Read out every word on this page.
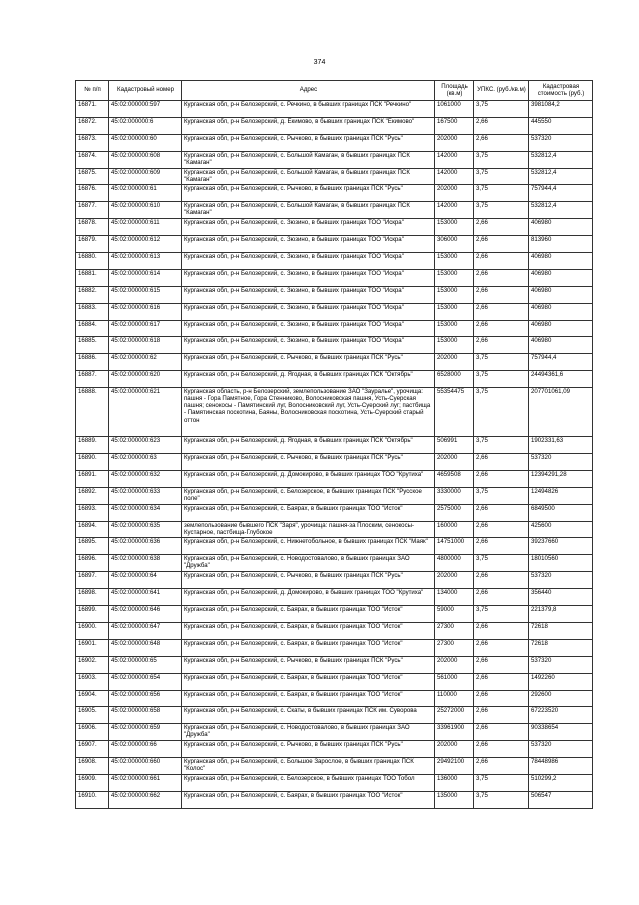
374
№ п/п	Кадастровый номер	Адрес	Площадь (кв.м)	УПКС. (руб./кв.м)	Кадастровая стоимость (руб.)
16871.	45:02:000000:597	Курганская обл, р-н Белозерский, с. Речкино, в бывших границах ПСК "Речкино"	1061000	3,75	3981084,2
16872.	45:02:000000:6	Курганская обл, р-н Белозерский, д. Екимово, в бывших границах ПСК "Екимово"	167500	2,66	445550
16873.	45:02:000000:60	Курганская обл, р-н Белозерский, с. Рычково, в бывших границах ПСК "Русь"	202000	2,66	537320
16874.	45:02:000000:608	Курганская обл, р-н Белозерский, с. Большой Камаган, в бывших границах ПСК "Камаган"	142000	3,75	532812,4
16875.	45:02:000000:609	Курганская обл, р-н Белозерский, с. Большой Камаган, в бывших границах ПСК "Камаган"	142000	3,75	532812,4
16876.	45:02:000000:61	Курганская обл, р-н Белозерский, с. Рычково, в бывших границах ПСК "Русь"	202000	3,75	757944,4
16877.	45:02:000000:610	Курганская обл, р-н Белозерский, с. Большой Камаган, в бывших границах ПСК "Камаган"	142000	3,75	532812,4
16878.	45:02:000000:611	Курганская обл, р-н Белозерский, с. Зюзино, в бывших границах ТОО "Искра"	153000	2,66	406980
16879.	45:02:000000:612	Курганская обл, р-н Белозерский, с. Зюзино, в бывших границах ТОО "Искра"	306000	2,66	813960
16880.	45:02:000000:613	Курганская обл, р-н Белозерский, с. Зюзино, в бывших границах ТОО "Искра"	153000	2,66	406980
16881.	45:02:000000:614	Курганская обл, р-н Белозерский, с. Зюзино, в бывших границах ТОО "Искра"	153000	2,66	406980
16882.	45:02:000000:615	Курганская обл, р-н Белозерский, с. Зюзино, в бывших границах ТОО "Искра"	153000	2,66	406980
16883.	45:02:000000:616	Курганская обл, р-н Белозерский, с. Зюзино, в бывших границах ТОО "Искра"	153000	2,66	406980
16884.	45:02:000000:617	Курганская обл, р-н Белозерский, с. Зюзино, в бывших границах ТОО "Искра"	153000	2,66	406980
16885.	45:02:000000:618	Курганская обл, р-н Белозерский, с. Зюзино, в бывших границах ТОО "Искра"	153000	2,66	406980
16886.	45:02:000000:62	Курганская обл, р-н Белозерский, с. Рычково, в бывших границах ПСК "Русь"	202000	3,75	757944,4
16887.	45:02:000000:620	Курганская обл, р-н Белозерский, д. Ягодная, в бывших границах ПСК "Октябрь"	6528000	3,75	24494361,6
16888.	45:02:000000:621	Курганская область, р-н Белозерский, землепользование ЗАО "Зауралье", урочища: пашня - Гора Памятное, Гора Стенниково, Волосниковская пашня, Усть-Суерская пашня; сенокосы - Памятинский луг, Волосниковский луг, Усть-Суерский луг; пастбища - Памятинская поскотина, Баяны, Волосниковская поскотина, Усть-Суерский старый оттон	55354475	3,75	207701061,09
16889.	45:02:000000:623	Курганская обл, р-н Белозерский, д. Ягодная, в бывших границах ПСК "Октябрь"	506991	3,75	1902331,63
16890.	45:02:000000:63	Курганская обл, р-н Белозерский, с. Рычково, в бывших границах ПСК "Русь"	202000	2,66	537320
16891.	45:02:000000:632	Курганская обл, р-н Белозерский, д. Домокирово, в бывших границах ТОО "Крутиха"	4659508	2,66	12394291,28
16892.	45:02:000000:633	Курганская обл, р-н Белозерский, с. Белозерское, в бывших границах ПСК "Русское поле"	3330000	3,75	12494826
16893.	45:02:000000:634	Курганская обл, р-н Белозерский, с. Баярах, в бывших границах ТОО "Исток"	2575000	2,66	6849500
16894.	45:02:000000:635	землепользование бывшего ПСК "Заря", урочища: пашня-за Плоским, сенокосы-Кустарное, пастбища-Глубокое	160000	2,66	425600
16895.	45:02:000000:636	Курганская обл, р-н Белозерский, с. Нижнетобольное, в бывших границах ПСК "Маяк"	14751000	2,66	39237660
16896.	45:02:000000:638	Курганская обл, р-н Белозерский, с. Новодостовалово, в бывших границах ЗАО "Дружба"	4800000	3,75	18010560
16897.	45:02:000000:64	Курганская обл, р-н Белозерский, с. Рычково, в бывших границах ПСК "Русь"	202000	2,66	537320
16898.	45:02:000000:641	Курганская обл, р-н Белозерский, д. Домокирово, в бывших границах ТОО "Крутиха"	134000	2,66	356440
16899.	45:02:000000:646	Курганская обл, р-н Белозерский, с. Баярах, в бывших границах ТОО "Исток"	59000	3,75	221379,8
16900.	45:02:000000:647	Курганская обл, р-н Белозерский, с. Баярах, в бывших границах ТОО "Исток"	27300	2,66	72618
16901.	45:02:000000:648	Курганская обл, р-н Белозерский, с. Баярах, в бывших границах ТОО "Исток"	27300	2,66	72618
16902.	45:02:000000:65	Курганская обл, р-н Белозерский, с. Рычково, в бывших границах ПСК "Русь"	202000	2,66	537320
16903.	45:02:000000:654	Курганская обл, р-н Белозерский, с. Баярах, в бывших границах ТОО "Исток"	561000	2,66	1492260
16904.	45:02:000000:656	Курганская обл, р-н Белозерский, с. Баярах, в бывших границах ТОО "Исток"	110000	2,66	292600
16905.	45:02:000000:658	Курганская обл, р-н Белозерский, с. Скаты, в бывших границах ПСК им. Суворова	25272000	2,66	67223520
16906.	45:02:000000:659	Курганская обл, р-н Белозерский, с. Новодостовалово, в бывших границах ЗАО "Дружба"	33961900	2,66	90338654
16907.	45:02:000000:66	Курганская обл, р-н Белозерский, с. Рычково, в бывших границах ПСК "Русь"	202000	2,66	537320
16908.	45:02:000000:660	Курганская обл, р-н Белозерский, с. Большое Зарослое, в бывших границах ПСК "Колос"	29492100	2,66	78448986
16909.	45:02:000000:661	Курганская обл, р-н Белозерский, с. Белозерское, в бывших границах ТОО Тобол	136000	3,75	510299,2
16910.	45:02:000000:662	Курганская обл, р-н Белозерский, с. Баярах, в бывших границах ТОО "Исток"	135000	3,75	506547
